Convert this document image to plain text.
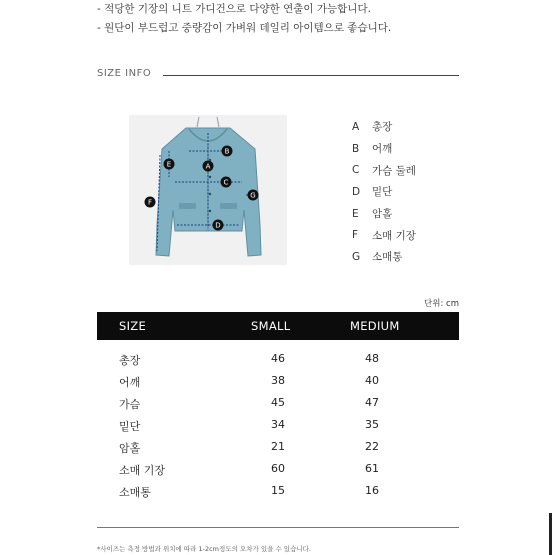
- 적당한 기장의 니트 가디건으로 다양한 연출이 가능합니다.
- 원단이 부드럽고 중량감이 가벼워 데일리 아이템으로 좋습니다.
SIZE INFO
A
B
C
D
E
F
G
A	총장
B	어깨
C	가슴 둘레
D	밑단
E	암홀
F	소매 기장
G	소매통
단위: cm
SIZE	SMALL	MEDIUM
총장	46	48
어깨	38	40
가슴	45	47
밑단	34	35
암홀	21	22
소매 기장	60	61
소매통	15	16
*사이즈는 측정 방법과 위치에 따라 1-2cm정도의 오차가 있을 수 있습니다.
